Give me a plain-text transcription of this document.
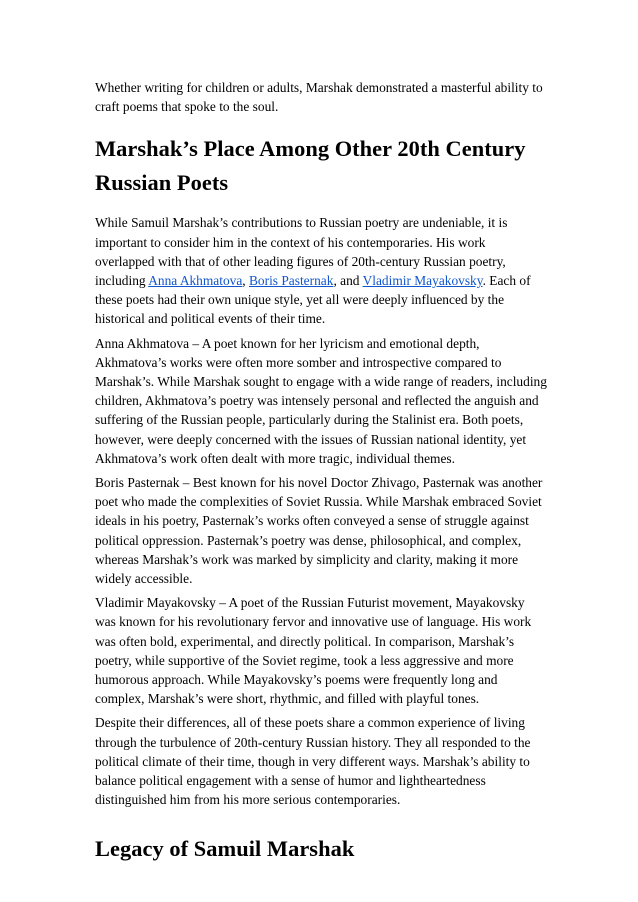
Whether writing for children or adults, Marshak demonstrated a masterful ability to craft poems that spoke to the soul.

Marshak’s Place Among Other 20th Century Russian Poets

While Samuil Marshak’s contributions to Russian poetry are undeniable, it is important to consider him in the context of his contemporaries. His work overlapped with that of other leading figures of 20th-century Russian poetry, including Anna Akhmatova, Boris Pasternak, and Vladimir Mayakovsky. Each of these poets had their own unique style, yet all were deeply influenced by the historical and political events of their time.

Anna Akhmatova – A poet known for her lyricism and emotional depth, Akhmatova’s works were often more somber and introspective compared to Marshak’s. While Marshak sought to engage with a wide range of readers, including children, Akhmatova’s poetry was intensely personal and reflected the anguish and suffering of the Russian people, particularly during the Stalinist era. Both poets, however, were deeply concerned with the issues of Russian national identity, yet Akhmatova’s work often dealt with more tragic, individual themes.

Boris Pasternak – Best known for his novel Doctor Zhivago, Pasternak was another poet who made the complexities of Soviet Russia. While Marshak embraced Soviet ideals in his poetry, Pasternak’s works often conveyed a sense of struggle against political oppression. Pasternak’s poetry was dense, philosophical, and complex, whereas Marshak’s work was marked by simplicity and clarity, making it more widely accessible.

Vladimir Mayakovsky – A poet of the Russian Futurist movement, Mayakovsky was known for his revolutionary fervor and innovative use of language. His work was often bold, experimental, and directly political. In comparison, Marshak’s poetry, while supportive of the Soviet regime, took a less aggressive and more humorous approach. While Mayakovsky’s poems were frequently long and complex, Marshak’s were short, rhythmic, and filled with playful tones.

Despite their differences, all of these poets share a common experience of living through the turbulence of 20th-century Russian history. They all responded to the political climate of their time, though in very different ways. Marshak’s ability to balance political engagement with a sense of humor and lightheartedness distinguished him from his more serious contemporaries.

Legacy of Samuil Marshak
